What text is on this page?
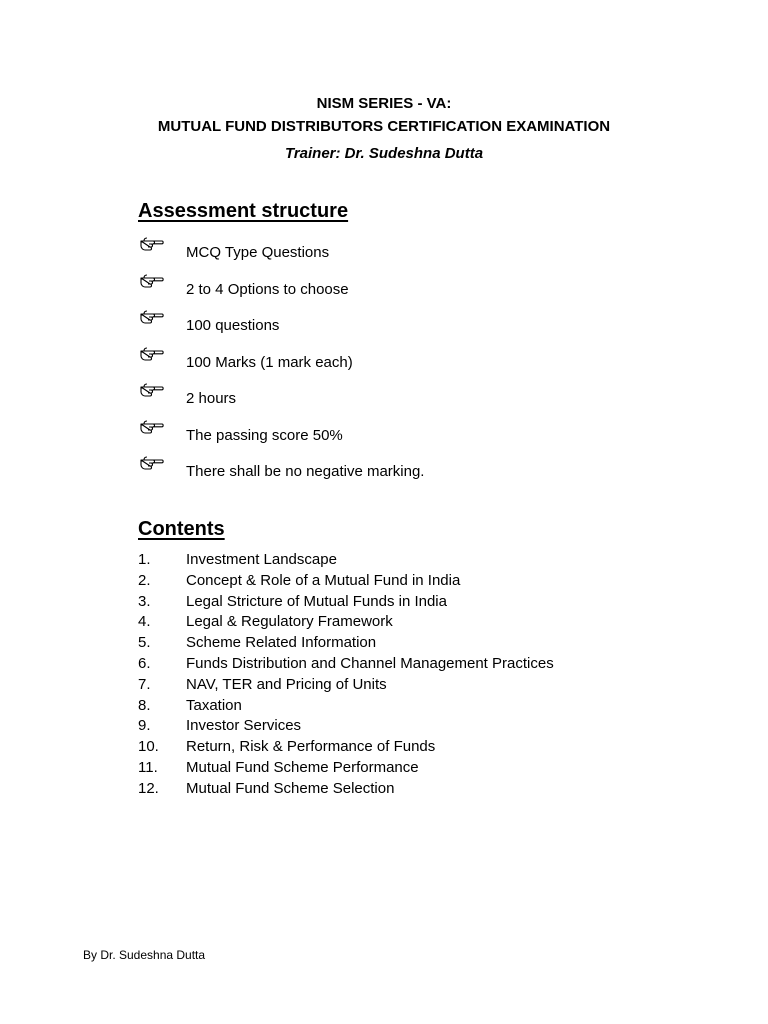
NISM SERIES - VA:
MUTUAL FUND DISTRIBUTORS CERTIFICATION EXAMINATION
Trainer: Dr. Sudeshna Dutta
Assessment structure
MCQ Type Questions
2 to 4 Options to choose
100 questions
100 Marks (1 mark each)
2 hours
The passing score 50%
There shall be no negative marking.
Contents
1. Investment Landscape
2. Concept & Role of a Mutual Fund in India
3. Legal Stricture of Mutual Funds in India
4. Legal & Regulatory Framework
5. Scheme Related Information
6. Funds Distribution and Channel Management Practices
7. NAV, TER and Pricing of Units
8. Taxation
9. Investor Services
10. Return, Risk & Performance of Funds
11. Mutual Fund Scheme Performance
12. Mutual Fund Scheme Selection
By Dr. Sudeshna Dutta
